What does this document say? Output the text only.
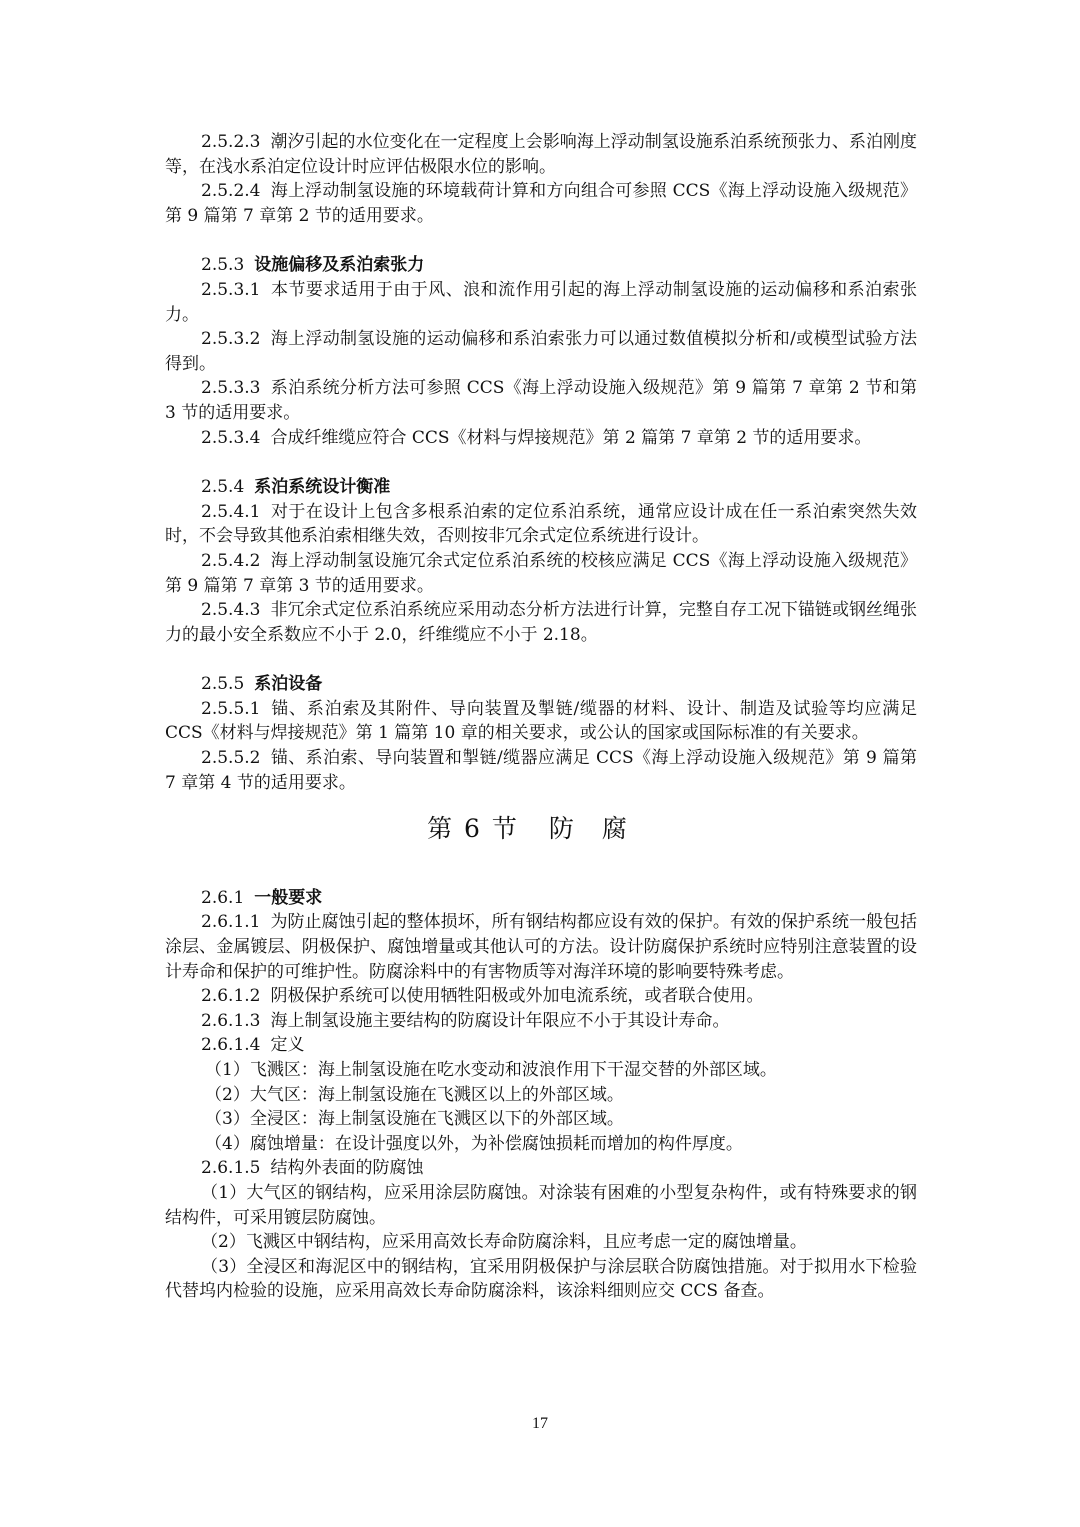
2.5.2.3 潮汐引起的水位变化在一定程度上会影响海上浮动制氢设施系泊系统预张力、系泊刚度等，在浅水系泊定位设计时应评估极限水位的影响。

2.5.2.4 海上浮动制氢设施的环境载荷计算和方向组合可参照 CCS《海上浮动设施入级规范》第 9 篇第 7 章第 2 节的适用要求。

2.5.3 设施偏移及系泊索张力

2.5.3.1 本节要求适用于由于风、浪和流作用引起的海上浮动制氢设施的运动偏移和系泊索张力。

2.5.3.2 海上浮动制氢设施的运动偏移和系泊索张力可以通过数值模拟分析和/或模型试验方法得到。

2.5.3.3 系泊系统分析方法可参照 CCS《海上浮动设施入级规范》第 9 篇第 7 章第 2 节和第 3 节的适用要求。

2.5.3.4 合成纤维缆应符合 CCS《材料与焊接规范》第 2 篇第 7 章第 2 节的适用要求。

2.5.4 系泊系统设计衡准

2.5.4.1 对于在设计上包含多根系泊索的定位系泊系统，通常应设计成在任一系泊索突然失效时，不会导致其他系泊索相继失效，否则按非冗余式定位系统进行设计。

2.5.4.2 海上浮动制氢设施冗余式定位系泊系统的校核应满足 CCS《海上浮动设施入级规范》第 9 篇第 7 章第 3 节的适用要求。

2.5.4.3 非冗余式定位系泊系统应采用动态分析方法进行计算，完整自存工况下锚链或钢丝绳张力的最小安全系数应不小于 2.0，纤维缆应不小于 2.18。

2.5.5 系泊设备

2.5.5.1 锚、系泊索及其附件、导向装置及掣链/缆器的材料、设计、制造及试验等均应满足 CCS《材料与焊接规范》第 1 篇第 10 章的相关要求，或公认的国家或国际标准的有关要求。

2.5.5.2 锚、系泊索、导向装置和掣链/缆器应满足 CCS《海上浮动设施入级规范》第 9 篇第 7 章第 4 节的适用要求。

第 6 节 防腐

2.6.1 一般要求

2.6.1.1 为防止腐蚀引起的整体损坏，所有钢结构都应设有效的保护。有效的保护系统一般包括涂层、金属镀层、阴极保护、腐蚀增量或其他认可的方法。设计防腐保护系统时应特别注意装置的设计寿命和保护的可维护性。防腐涂料中的有害物质等对海洋环境的影响要特殊考虑。

2.6.1.2 阴极保护系统可以使用牺牲阳极或外加电流系统，或者联合使用。

2.6.1.3 海上制氢设施主要结构的防腐设计年限应不小于其设计寿命。

2.6.1.4 定义

（1）飞溅区：海上制氢设施在吃水变动和波浪作用下干湿交替的外部区域。

（2）大气区：海上制氢设施在飞溅区以上的外部区域。

（3）全浸区：海上制氢设施在飞溅区以下的外部区域。

（4）腐蚀增量：在设计强度以外，为补偿腐蚀损耗而增加的构件厚度。

2.6.1.5 结构外表面的防腐蚀

（1）大气区的钢结构，应采用涂层防腐蚀。对涂装有困难的小型复杂构件，或有特殊要求的钢结构件，可采用镀层防腐蚀。

（2）飞溅区中钢结构，应采用高效长寿命防腐涂料，且应考虑一定的腐蚀增量。

（3）全浸区和海泥区中的钢结构，宜采用阴极保护与涂层联合防腐蚀措施。对于拟用水下检验代替坞内检验的设施，应采用高效长寿命防腐涂料，该涂料细则应交 CCS 备查。

17
